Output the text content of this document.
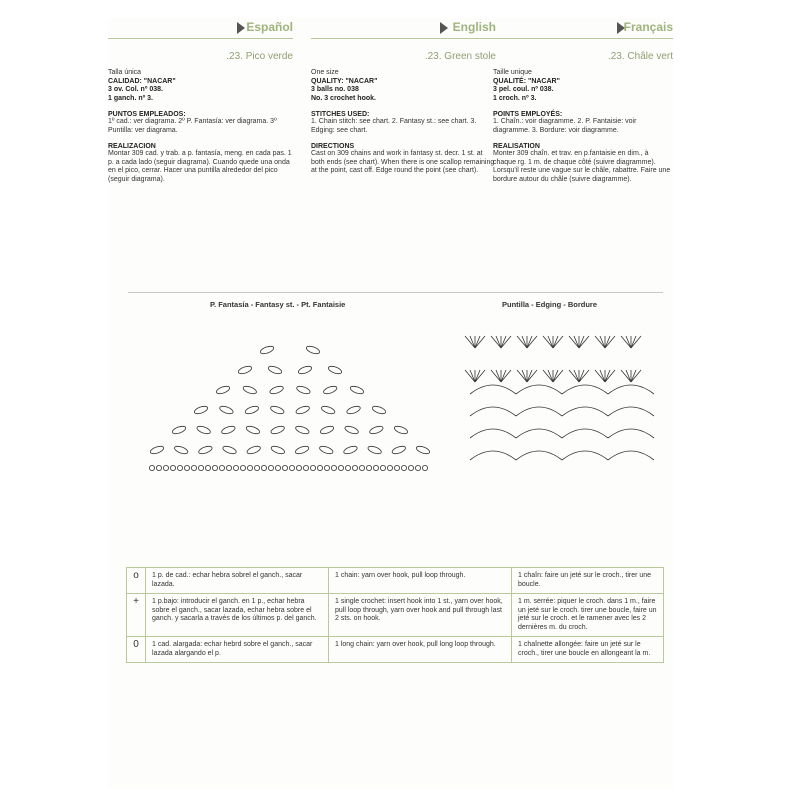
Español
.23. Pico verde
Talla única
CALIDAD: "NACAR"
3 ov. Col. nº 038.
1 ganch. nº 3.
PUNTOS EMPLEADOS:
1º cad.: ver diagrama. 2º P. Fantasía: ver diagrama. 3º Puntilla: ver diagrama.
REALIZACION
Montar 309 cad. y trab. a p. fantasía, meng. en cada pas. 1 p. a cada lado (seguir diagrama). Cuando quede una onda en el pico, cerrar. Hacer una puntilla alrededor del pico (seguir diagrama).
English
.23. Green stole
One size
QUALITY: "NACAR"
3 balls no. 038
No. 3 crochet hook.
STITCHES USED:
1. Chain stitch: see chart. 2. Fantasy st.: see chart. 3. Edging: see chart.
DIRECTIONS
Cast on 309 chains and work in fantasy st. decr. 1 st. at both ends (see chart). When there is one scallop remaining at the point, cast off. Edge round the point (see chart).
Français
.23. Châle vert
Taille unique
QUALITÉ: "NACAR"
3 pel. coul. nº 038.
1 croch. nº 3.
POINTS EMPLOYÉS:
1. Chaîn.: voir diagramme. 2. P. Fantaisie: voir diagramme. 3. Bordure: voir diagramme.
REALISATION
Monter 309 chaîn. et trav. en p.fantaisie en dim., à chaque rg. 1 m. de chaque côté (suivre diagramme). Lorsqu'il reste une vague sur le châle, rabattre. Faire une bordure autour du châle (suivre diagramme).
P. Fantasía - Fantasy st. - Pt. Fantaisie	Puntilla - Edging - Bordure
o	1 p. de cad.: echar hebra sobrel el ganch., sacar lazada.	1 chain: yarn over hook, pull loop through.	1 chaîn: faire un jeté sur le croch., tirer une boucle.
+	1 p.bajo: introducir el ganch. en 1 p., echar hebra sobre el ganch., sacar lazada, echar hebra sobre el ganch. y sacarla a través de los últimos p. del ganch.	1 single crochet: insert hook into 1 st., yarn over hook, pull loop through, yarn over hook and pull through last 2 sts. on hook.	1 m. serrée: piquer le croch. dans 1 m., faire un jeté sur le croch. tirer une boucle, faire un jeté sur le croch. et le ramener avec les 2 dernières m. du croch.
0	1 cad. alargada: echar hebrd sobre el ganch., sacar lazada alargando el p.	1 long chain: yarn over hook, pull long loop through.	1 chaînette allongée: faire un jeté sur le croch., tirer une boucle en allongeant la m.
